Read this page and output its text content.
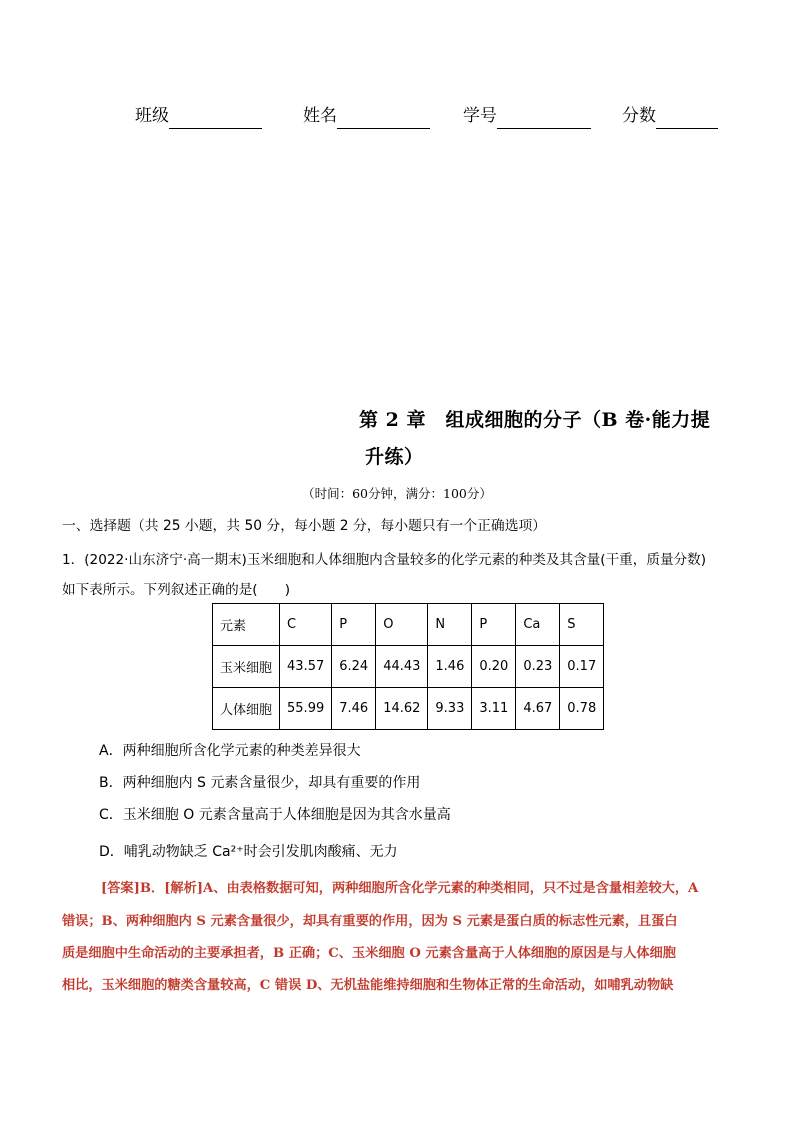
班级	姓名	学号	分数
第 2 章　组成细胞的分子（B 卷·能力提
升练）
（时间：60分钟，满分：100分）
一、选择题（共 25 小题，共 50 分，每小题 2 分，每小题只有一个正确选项）
1．(2022·山东济宁·高一期末)玉米细胞和人体细胞内含量较多的化学元素的种类及其含量(干重，质量分数)
如下表所示。下列叙述正确的是(　　)
元素	C	P	O	N	P	Ca	S
玉米细胞	43.57	6.24	44.43	1.46	0.20	0.23	0.17
人体细胞	55.99	7.46	14.62	9.33	3.11	4.67	0.78
A．两种细胞所含化学元素的种类差异很大
B．两种细胞内 S 元素含量很少，却具有重要的作用
C．玉米细胞 O 元素含量高于人体细胞是因为其含水量高
D．哺乳动物缺乏 Ca²⁺时会引发肌肉酸痛、无力
[答案]B．[解析]A、由表格数据可知，两种细胞所含化学元素的种类相同，只不过是含量相差较大，A
错误；B、两种细胞内 S 元素含量很少，却具有重要的作用，因为 S 元素是蛋白质的标志性元素，且蛋白
质是细胞中生命活动的主要承担者，B 正确；C、玉米细胞 O 元素含量高于人体细胞的原因是与人体细胞
相比，玉米细胞的糖类含量较高，C 错误 D、无机盐能维持细胞和生物体正常的生命活动，如哺乳动物缺
